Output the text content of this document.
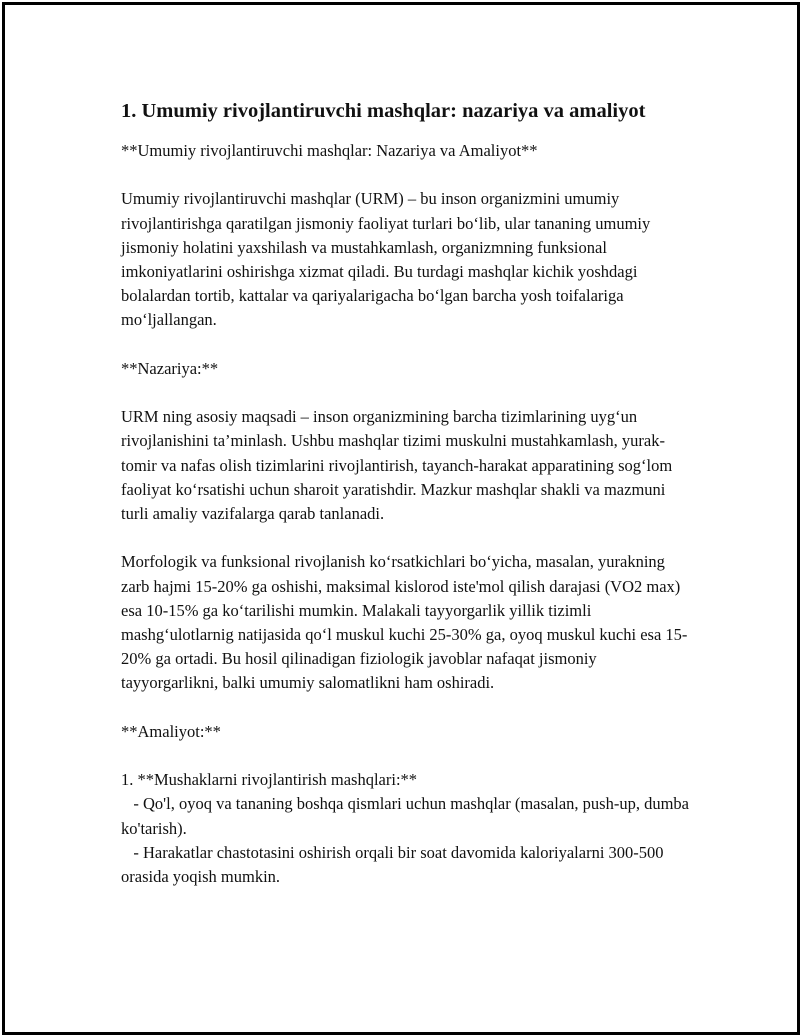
1. Umumiy rivojlantiruvchi mashqlar: nazariya va amaliyot
**Umumiy rivojlantiruvchi mashqlar: Nazariya va Amaliyot**
Umumiy rivojlantiruvchi mashqlar (URM) – bu inson organizmini umumiy rivojlantirishga qaratilgan jismoniy faoliyat turlari bo‘lib, ular tananing umumiy jismoniy holatini yaxshilash va mustahkamlash, organizmning funksional imkoniyatlarini oshirishga xizmat qiladi. Bu turdagi mashqlar kichik yoshdagi bolalardan tortib, kattalar va qariyalarigacha bo‘lgan barcha yosh toifalariga mo‘ljallangan.
**Nazariya:**
URM ning asosiy maqsadi – inson organizmining barcha tizimlarining uyg‘un rivojlanishini ta’minlash. Ushbu mashqlar tizimi muskulni mustahkamlash, yurak-tomir va nafas olish tizimlarini rivojlantirish, tayanch-harakat apparatining sog‘lom faoliyat ko‘rsatishi uchun sharoit yaratishdir. Mazkur mashqlar shakli va mazmuni turli amaliy vazifalarga qarab tanlanadi.
Morfologik va funksional rivojlanish ko‘rsatkichlari bo‘yicha, masalan, yurakning zarb hajmi 15-20% ga oshishi, maksimal kislorod iste'mol qilish darajasi (VO2 max) esa 10-15% ga ko‘tarilishi mumkin. Malakali tayyorgarlik yillik tizimli mashg‘ulotlarnig natijasida qo‘l muskul kuchi 25-30% ga, oyoq muskul kuchi esa 15-20% ga ortadi. Bu hosil qilinadigan fiziologik javoblar nafaqat jismoniy tayyorgarlikni, balki umumiy salomatlikni ham oshiradi.
**Amaliyot:**
1. **Mushaklarni rivojlantirish mashqlari:**
- Qo'l, oyoq va tananing boshqa qismlari uchun mashqlar (masalan, push-up, dumba ko'tarish).
- Harakatlar chastotasini oshirish orqali bir soat davomida kaloriyalarni 300-500 orasida yoqish mumkin.
